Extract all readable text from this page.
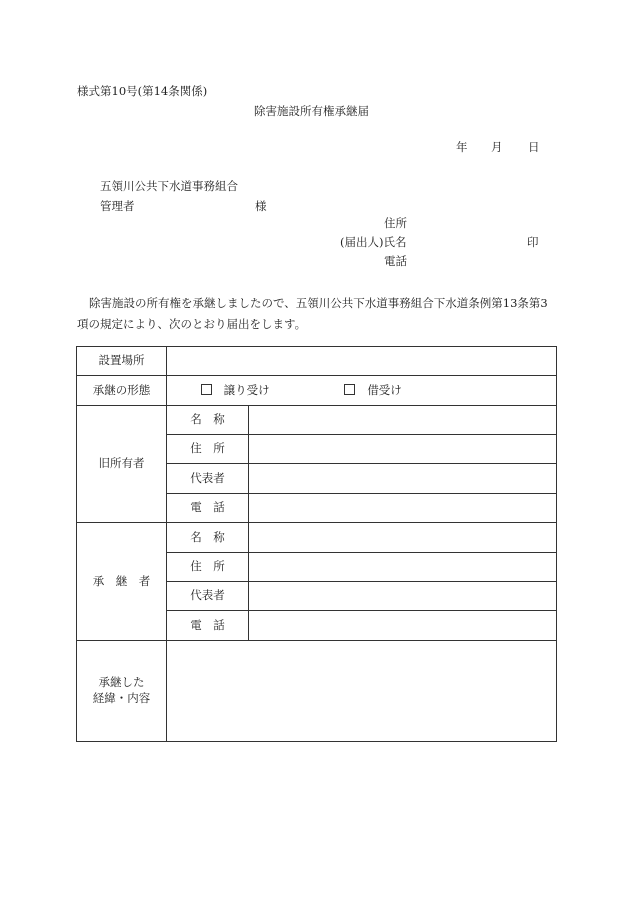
様式第10号(第14条関係)
除害施設所有権承継届
年 月 日
五領川公共下水道事務組合
管理者	様
住所
(届出人)氏名	印
電話
除害施設の所有権を承継しましたので、五領川公共下水道事務組合下水道条例第13条第3項の規定により、次のとおり届出をします。
設置場所		
承継の形態	譲り受け 借受け	
旧所有者	名　称	
	住　所	
	代表者	
	電　話	
承　継　者	名　称	
	住　所	
	代表者	
	電　話	

承継した
経緯・内容		
